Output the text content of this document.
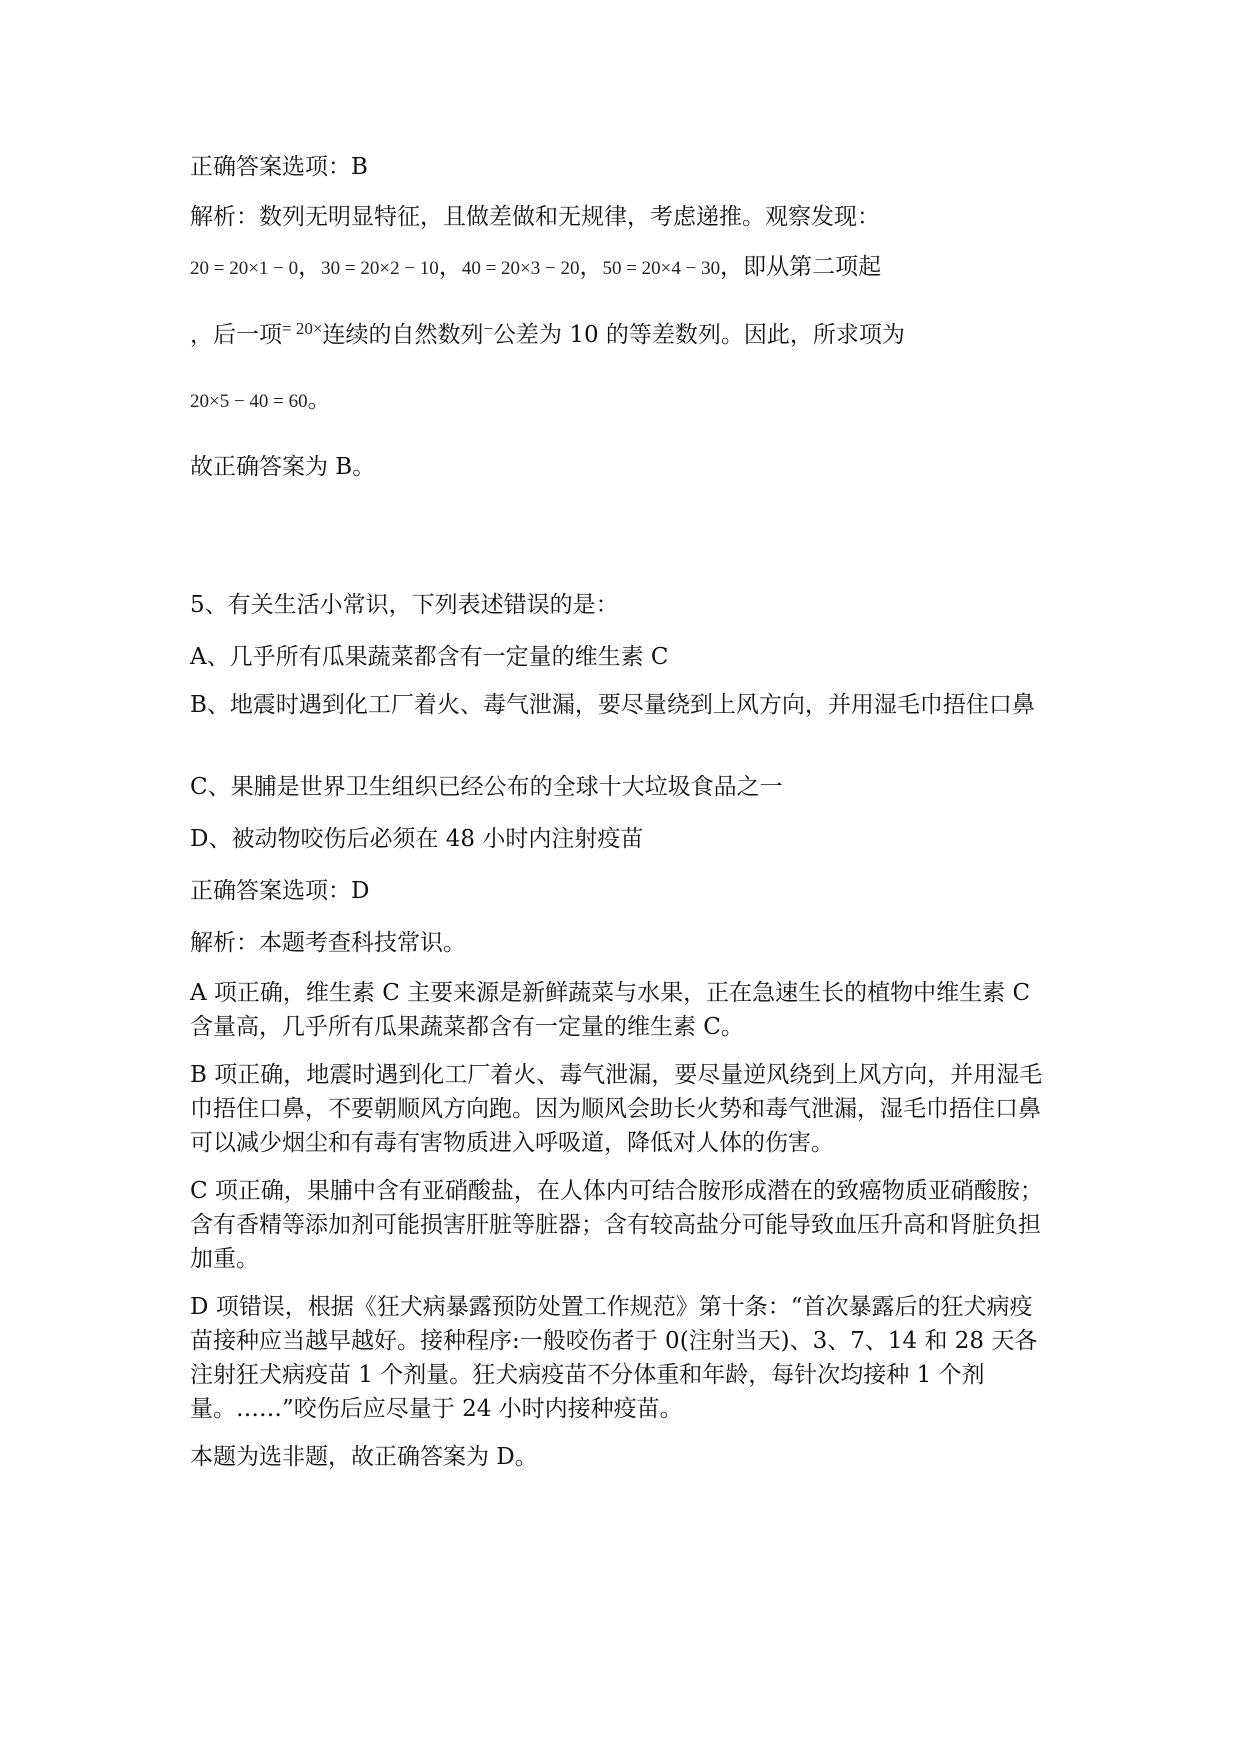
正确答案选项：B

解析：数列无明显特征，且做差做和无规律，考虑递推。观察发现：

20 = 20×1 − 0，30 = 20×2 − 10，40 = 20×3 − 20，50 = 20×4 − 30，即从第二项起

，后一项$^{= 20\times}$连续的自然数列−公差为 10 的等差数列。因此，所求项为

20×5 − 40 = 60。

故正确答案为 B。

5、有关生活小常识，下列表述错误的是：

A、几乎所有瓜果蔬菜都含有一定量的维生素 C

B、地震时遇到化工厂着火、毒气泄漏，要尽量绕到上风方向，并用湿毛巾捂住口鼻

C、果脯是世界卫生组织已经公布的全球十大垃圾食品之一

D、被动物咬伤后必须在 48 小时内注射疫苗

正确答案选项：D

解析：本题考查科技常识。

A 项正确，维生素 C 主要来源是新鲜蔬菜与水果，正在急速生长的植物中维生素 C 含量高，几乎所有瓜果蔬菜都含有一定量的维生素 C。

B 项正确，地震时遇到化工厂着火、毒气泄漏，要尽量逆风绕到上风方向，并用湿毛巾捂住口鼻，不要朝顺风方向跑。因为顺风会助长火势和毒气泄漏，湿毛巾捂住口鼻可以减少烟尘和有毒有害物质进入呼吸道，降低对人体的伤害。

C 项正确，果脯中含有亚硝酸盐，在人体内可结合胺形成潜在的致癌物质亚硝酸胺；含有香精等添加剂可能损害肝脏等脏器；含有较高盐分可能导致血压升高和肾脏负担加重。

D 项错误，根据《狂犬病暴露预防处置工作规范》第十条：“首次暴露后的狂犬病疫苗接种应当越早越好。接种程序:一般咬伤者于 0(注射当天)、3、7、14 和 28 天各注射狂犬病疫苗 1 个剂量。狂犬病疫苗不分体重和年龄，每针次均接种 1 个剂量。……”咬伤后应尽量于 24 小时内接种疫苗。

本题为选非题，故正确答案为 D。
